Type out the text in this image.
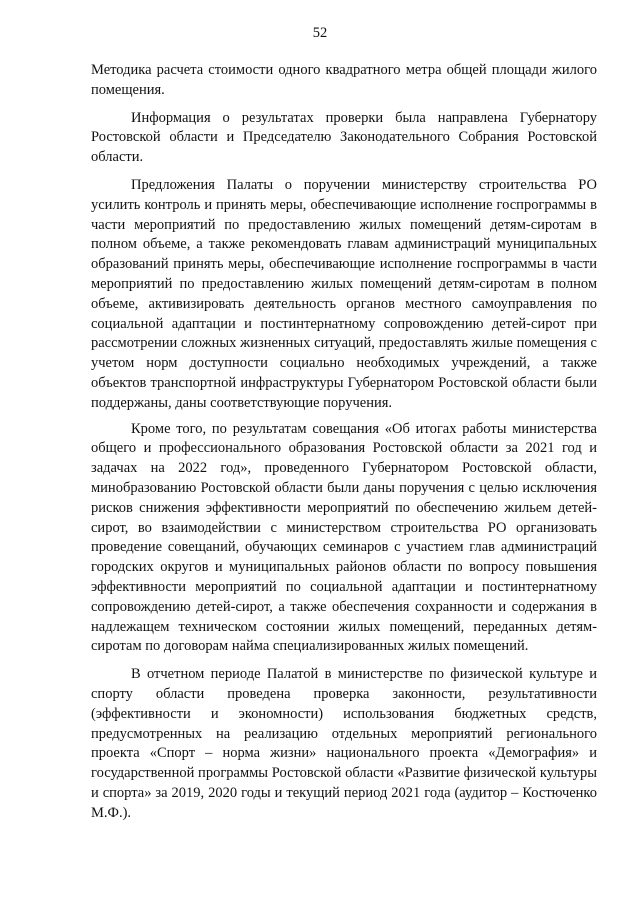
52

Методика расчета стоимости одного квадратного метра общей площади жилого помещения.

Информация о результатах проверки была направлена Губернатору Ростовской области и Председателю Законодательного Собрания Ростовской области.

Предложения Палаты о поручении министерству строительства РО усилить контроль и принять меры, обеспечивающие исполнение госпрограммы в части мероприятий по предоставлению жилых помещений детям-сиротам в полном объеме, а также рекомендовать главам администраций муниципальных образований принять меры, обеспечивающие исполнение госпрограммы в части мероприятий по предоставлению жилых помещений детям-сиротам в полном объеме, активизировать деятельность органов местного самоуправления по социальной адаптации и постинтернатному сопровождению детей-сирот при рассмотрении сложных жизненных ситуаций, предоставлять жилые помещения с учетом норм доступности социально необходимых учреждений, а также объектов транспортной инфраструктуры Губернатором Ростовской области были поддержаны, даны соответствующие поручения.

Кроме того, по результатам совещания «Об итогах работы министерства общего и профессионального образования Ростовской области за 2021 год и задачах на 2022 год», проведенного Губернатором Ростовской области, минобразованию Ростовской области были даны поручения с целью исключения рисков снижения эффективности мероприятий по обеспечению жильем детей-сирот, во взаимодействии с министерством строительства РО организовать проведение совещаний, обучающих семинаров с участием глав администраций городских округов и муниципальных районов области по вопросу повышения эффективности мероприятий по социальной адаптации и постинтернатному сопровождению детей-сирот, а также обеспечения сохранности и содержания в надлежащем техническом состоянии жилых помещений, переданных детям-сиротам по договорам найма специализированных жилых помещений.

В отчетном периоде Палатой в министерстве по физической культуре и спорту области проведена проверка законности, результативности (эффективности и экономности) использования бюджетных средств, предусмотренных на реализацию отдельных мероприятий регионального проекта «Спорт – норма жизни» национального проекта «Демография» и государственной программы Ростовской области «Развитие физической культуры и спорта» за 2019, 2020 годы и текущий период 2021 года (аудитор – Костюченко М.Ф.).
